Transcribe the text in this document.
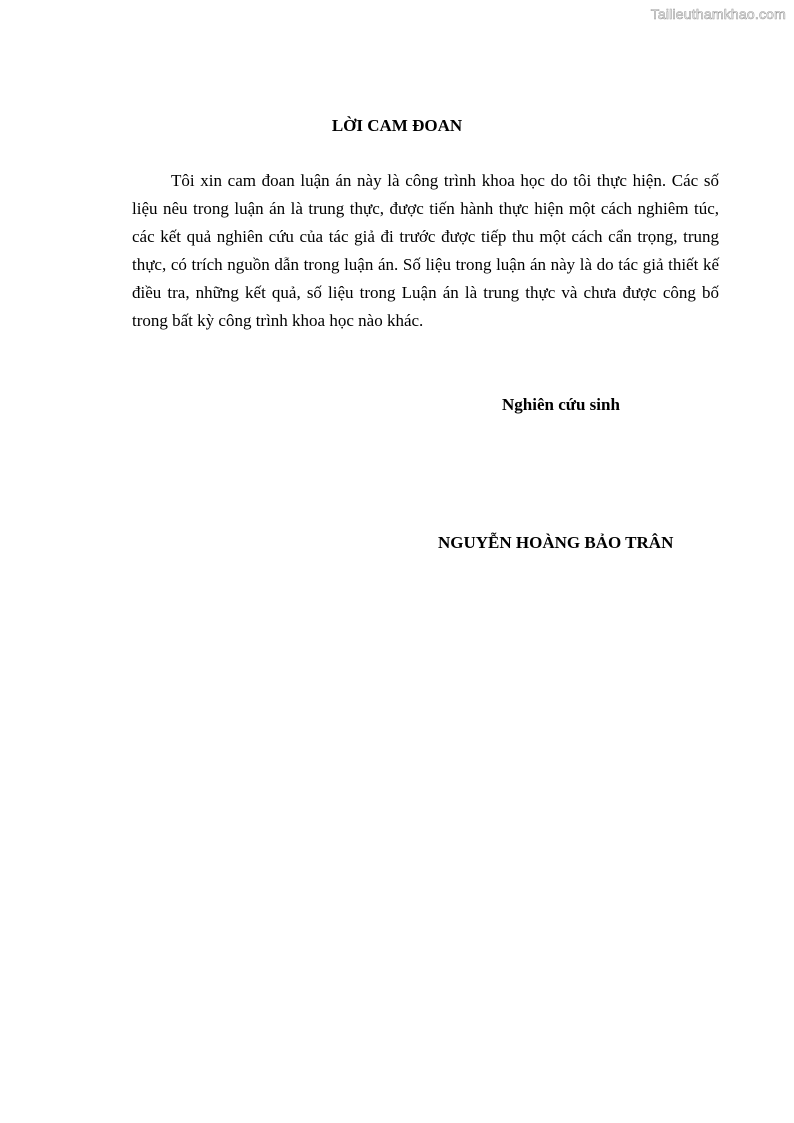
Tailieuthamkhao.com
LỜI CAM ĐOAN

Tôi xin cam đoan luận án này là công trình khoa học do tôi thực hiện. Các số liệu nêu trong luận án là trung thực, được tiến hành thực hiện một cách nghiêm túc, các kết quả nghiên cứu của tác giả đi trước được tiếp thu một cách cẩn trọng, trung thực, có trích nguồn dẫn trong luận án. Số liệu trong luận án này là do tác giả thiết kế điều tra, những kết quả, số liệu trong Luận án là trung thực và chưa được công bố trong bất kỳ công trình khoa học nào khác.

Nghiên cứu sinh

NGUYỄN HOÀNG BẢO TRÂN
